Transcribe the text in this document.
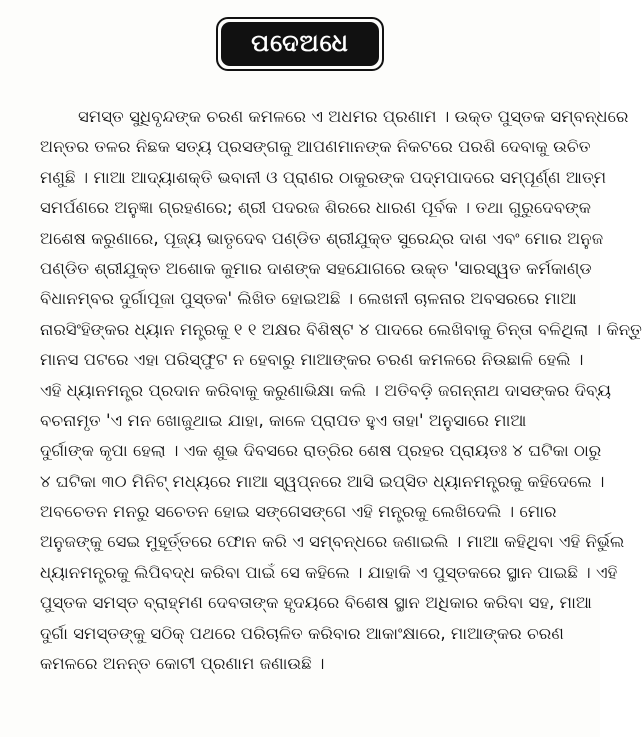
ପଦେଅଧେ
ସମସ୍ତ ସୁଧିବୃନ୍ଦଙ୍କ ଚରଣ କମଳରେ ଏ ଅଧମର ପ୍ରଣାମ । ଉକ୍ତ ପୁସ୍ତକ ସମ୍ବନ୍ଧରେ
ଅନ୍ତର ତଳର ନିଛକ ସତ୍ୟ ପ୍ରସଙ୍ଗକୁ ଆପଣମାନଙ୍କ ନିକଟରେ ପରଶି ଦେବାକୁ ଉଚିତ
ମଣୁଛି । ମାଆ ଆଦ୍ୟାଶକ୍ତି ଭବାନୀ ଓ ପ୍ରାଣର ଠାକୁରଙ୍କ ପଦ୍ମପାଦରେ ସମ୍ପୂର୍ଣ୍ଣ ଆତ୍ମ
ସମର୍ପଣରେ ଅନୁଜ୍ଞା ଗ୍ରହଣରେ; ଶ୍ରୀ ପଦରଜ ଶିରରେ ଧାରଣ ପୂର୍ବକ । ତଥା ଗୁରୁଦେବଙ୍କ
ଅଶେଷ କରୁଣାରେ, ପୂଜ୍ୟ ଭାତୃଦେବ ପଣ୍ଡିତ ଶ୍ରୀଯୁକ୍ତ ସୁରେନ୍ଦ୍ର ଦାଶ ଏବଂ ମୋର ଅନୁଜ
ପଣ୍ଡିତ ଶ୍ରୀଯୁକ୍ତ ଅଶୋକ କୁମାର ଦାଶଙ୍କ ସହଯୋଗରେ ଉକ୍ତ 'ସାରସ୍ୱତ କର୍ମକାଣ୍ଡ
ବିଧାନମ୍ବର ଦୁର୍ଗାପୂଜା ପୁସ୍ତକ' ଲିଖିତ ହୋଇଅଛି । ଲେଖନୀ ଚାଳନାର ଅବସରରେ ମାଆ
ନାରସିଂହିଙ୍କର ଧ୍ୟାନ ମନ୍ତ୍ରକୁ ୧ ୧ ଅକ୍ଷର ବିଶିଷ୍ଟ ୪ ପାଦରେ ଲେଖିବାକୁ ଚିନ୍ତା ବଳିଥିଲା । କିନ୍ତୁ
ମାନସ ପଟରେ ଏହା ପରିସ୍ଫୁଟ ନ ହେବାରୁ ମାଆଙ୍କର ଚରଣ କମଳରେ ନିଉଛାଳି ହେଲି ।
ଏହି ଧ୍ୟାନମନ୍ତ୍ର ପ୍ରଦାନ କରିବାକୁ କରୁଣାଭିକ୍ଷା କଲି । ଅତିବଡ଼ି ଜଗନ୍ନାଥ ଦାସଙ୍କର ଦିବ୍ୟ
ବଚନାମୃତ 'ଏ ମନ ଖୋଜୁଥାଇ ଯାହା, କାଳେ ପ୍ରାପତ ହୁଏ ତାହା' ଅନୁସାରେ ମାଆ
ଦୁର୍ଗାଙ୍କ କୃପା ହେଲା । ଏକ ଶୁଭ ଦିବସରେ ରାତ୍ରିର ଶେଷ ପ୍ରହର ପ୍ରାୟତଃ ୪ ଘଟିକା ଠାରୁ
୪ ଘଟିକା ୩୦ ମିନିଟ୍ ମଧ୍ୟରେ ମାଆ ସ୍ୱପ୍ନରେ ଆସି ଇପ୍ସିତ ଧ୍ୟାନମନ୍ତ୍ରକୁ କହିଦେଲେ ।
ଅବଚେତନ ମନରୁ ସଚେତନ ହୋଇ ସଙ୍ଗେସଙ୍ଗେ ଏହି ମନ୍ତ୍ରକୁ ଲେଖିଦେଲି । ମୋର
ଅନୁଜଙ୍କୁ ସେଇ ମୁହୂର୍ତ୍ତରେ ଫୋନ କରି ଏ ସମ୍ବନ୍ଧରେ ଜଣାଇଲି । ମାଆ କହିଥିବା ଏହି ନିର୍ଭୁଲ
ଧ୍ୟାନମନ୍ତ୍ରକୁ ଲିପିବଦ୍ଧ କରିବା ପାଇଁ ସେ କହିଲେ । ଯାହାକି ଏ ପୁସ୍ତକରେ ସ୍ଥାନ ପାଇଛି । ଏହି
ପୁସ୍ତକ ସମସ୍ତ ବ୍ରାହ୍ମଣ ଦେବତାଙ୍କ ହୃଦୟରେ ବିଶେଷ ସ୍ଥାନ ଅଧିକାର କରିବା ସହ, ମାଆ
ଦୁର୍ଗା ସମସ୍ତଙ୍କୁ ସଠିକ୍ ପଥରେ ପରିଚାଳିତ କରିବାର ଆକାଂକ୍ଷାରେ, ମାଆଙ୍କର ଚରଣ
କମଳରେ ଅନନ୍ତ କୋଟୀ ପ୍ରଣାମ ଜଣାଉଛି ।
